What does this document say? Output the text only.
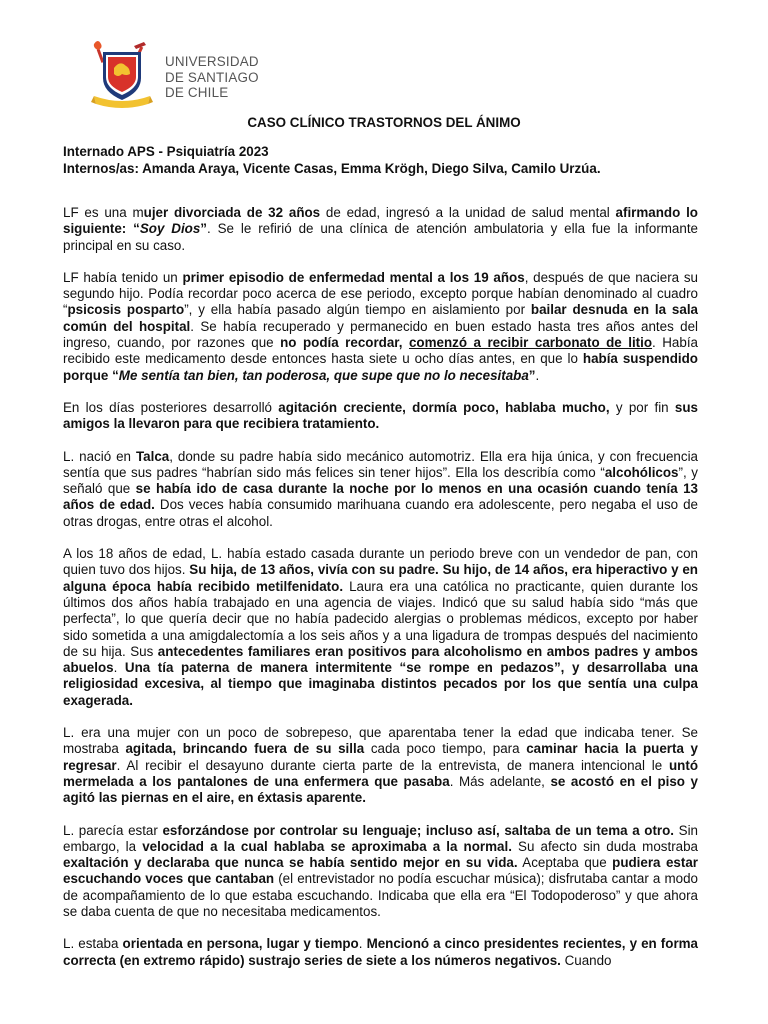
UNIVERSIDAD
DE SANTIAGO
DE CHILE
CASO CLÍNICO TRASTORNOS DEL ÁNIMO
Internado APS - Psiquiatría 2023
Internos/as: Amanda Araya, Vicente Casas, Emma Krögh, Diego Silva, Camilo Urzúa.

LF es una mujer divorciada de 32 años de edad, ingresó a la unidad de salud mental afirmando lo siguiente: “Soy Dios”. Se le refirió de una clínica de atención ambulatoria y ella fue la informante principal en su caso.

LF había tenido un primer episodio de enfermedad mental a los 19 años, después de que naciera su segundo hijo. Podía recordar poco acerca de ese periodo, excepto porque habían denominado al cuadro “psicosis posparto”, y ella había pasado algún tiempo en aislamiento por bailar desnuda en la sala común del hospital. Se había recuperado y permanecido en buen estado hasta tres años antes del ingreso, cuando, por razones que no podía recordar, comenzó a recibir carbonato de litio. Había recibido este medicamento desde entonces hasta siete u ocho días antes, en que lo había suspendido porque “Me sentía tan bien, tan poderosa, que supe que no lo necesitaba”.

En los días posteriores desarrolló agitación creciente, dormía poco, hablaba mucho, y por fin sus amigos la llevaron para que recibiera tratamiento.

L. nació en Talca, donde su padre había sido mecánico automotriz. Ella era hija única, y con frecuencia sentía que sus padres “habrían sido más felices sin tener hijos”. Ella los describía como “alcohólicos”, y señaló que se había ido de casa durante la noche por lo menos en una ocasión cuando tenía 13 años de edad. Dos veces había consumido marihuana cuando era adolescente, pero negaba el uso de otras drogas, entre otras el alcohol.

A los 18 años de edad, L. había estado casada durante un periodo breve con un vendedor de pan, con quien tuvo dos hijos. Su hija, de 13 años, vivía con su padre. Su hijo, de 14 años, era hiperactivo y en alguna época había recibido metilfenidato. Laura era una católica no practicante, quien durante los últimos dos años había trabajado en una agencia de viajes. Indicó que su salud había sido “más que perfecta”, lo que quería decir que no había padecido alergias o problemas médicos, excepto por haber sido sometida a una amigdalectomía a los seis años y a una ligadura de trompas después del nacimiento de su hija. Sus antecedentes familiares eran positivos para alcoholismo en ambos padres y ambos abuelos. Una tía paterna de manera intermitente “se rompe en pedazos”, y desarrollaba una religiosidad excesiva, al tiempo que imaginaba distintos pecados por los que sentía una culpa exagerada.

L. era una mujer con un poco de sobrepeso, que aparentaba tener la edad que indicaba tener. Se mostraba agitada, brincando fuera de su silla cada poco tiempo, para caminar hacia la puerta y regresar. Al recibir el desayuno durante cierta parte de la entrevista, de manera intencional le untó mermelada a los pantalones de una enfermera que pasaba. Más adelante, se acostó en el piso y agitó las piernas en el aire, en éxtasis aparente.

L. parecía estar esforzándose por controlar su lenguaje; incluso así, saltaba de un tema a otro. Sin embargo, la velocidad a la cual hablaba se aproximaba a la normal. Su afecto sin duda mostraba exaltación y declaraba que nunca se había sentido mejor en su vida. Aceptaba que pudiera estar escuchando voces que cantaban (el entrevistador no podía escuchar música); disfrutaba cantar a modo de acompañamiento de lo que estaba escuchando. Indicaba que ella era “El Todopoderoso” y que ahora se daba cuenta de que no necesitaba medicamentos.

L. estaba orientada en persona, lugar y tiempo. Mencionó a cinco presidentes recientes, y en forma correcta (en extremo rápido) sustrajo series de siete a los números negativos. Cuando
